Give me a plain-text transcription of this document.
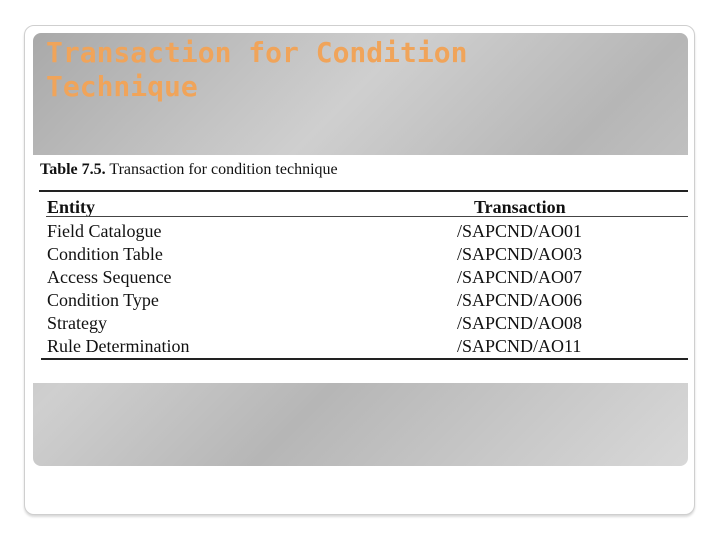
Transaction for Condition
Technique
Table 7.5. Transaction for condition technique
Entity	Transaction
Field Catalogue	/SAPCND/AO01
Condition Table	/SAPCND/AO03
Access Sequence	/SAPCND/AO07
Condition Type	/SAPCND/AO06
Strategy	/SAPCND/AO08
Rule Determination	/SAPCND/AO11
